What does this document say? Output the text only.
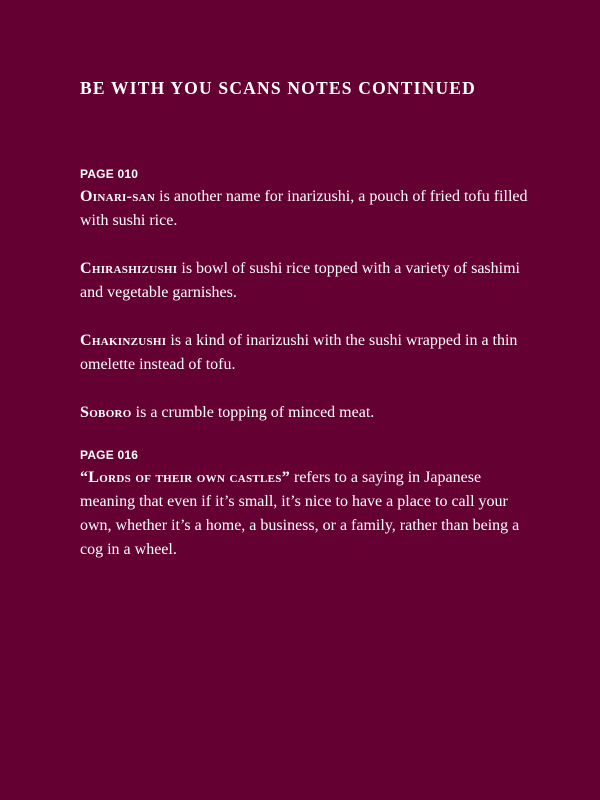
BE WITH YOU SCANS NOTES CONTINUED
PAGE 010

Oinari-san is another name for inarizushi, a pouch of fried tofu filled with sushi rice.

Chirashizushi is bowl of sushi rice topped with a variety of sashimi and vegetable garnishes.

Chakinzushi is a kind of inarizushi with the sushi wrapped in a thin omelette instead of tofu.

Soboro is a crumble topping of minced meat.

PAGE 016

“Lords of their own castles” refers to a saying in Japanese meaning that even if it’s small, it’s nice to have a place to call your own, whether it’s a home, a business, or a family, rather than being a cog in a wheel.
